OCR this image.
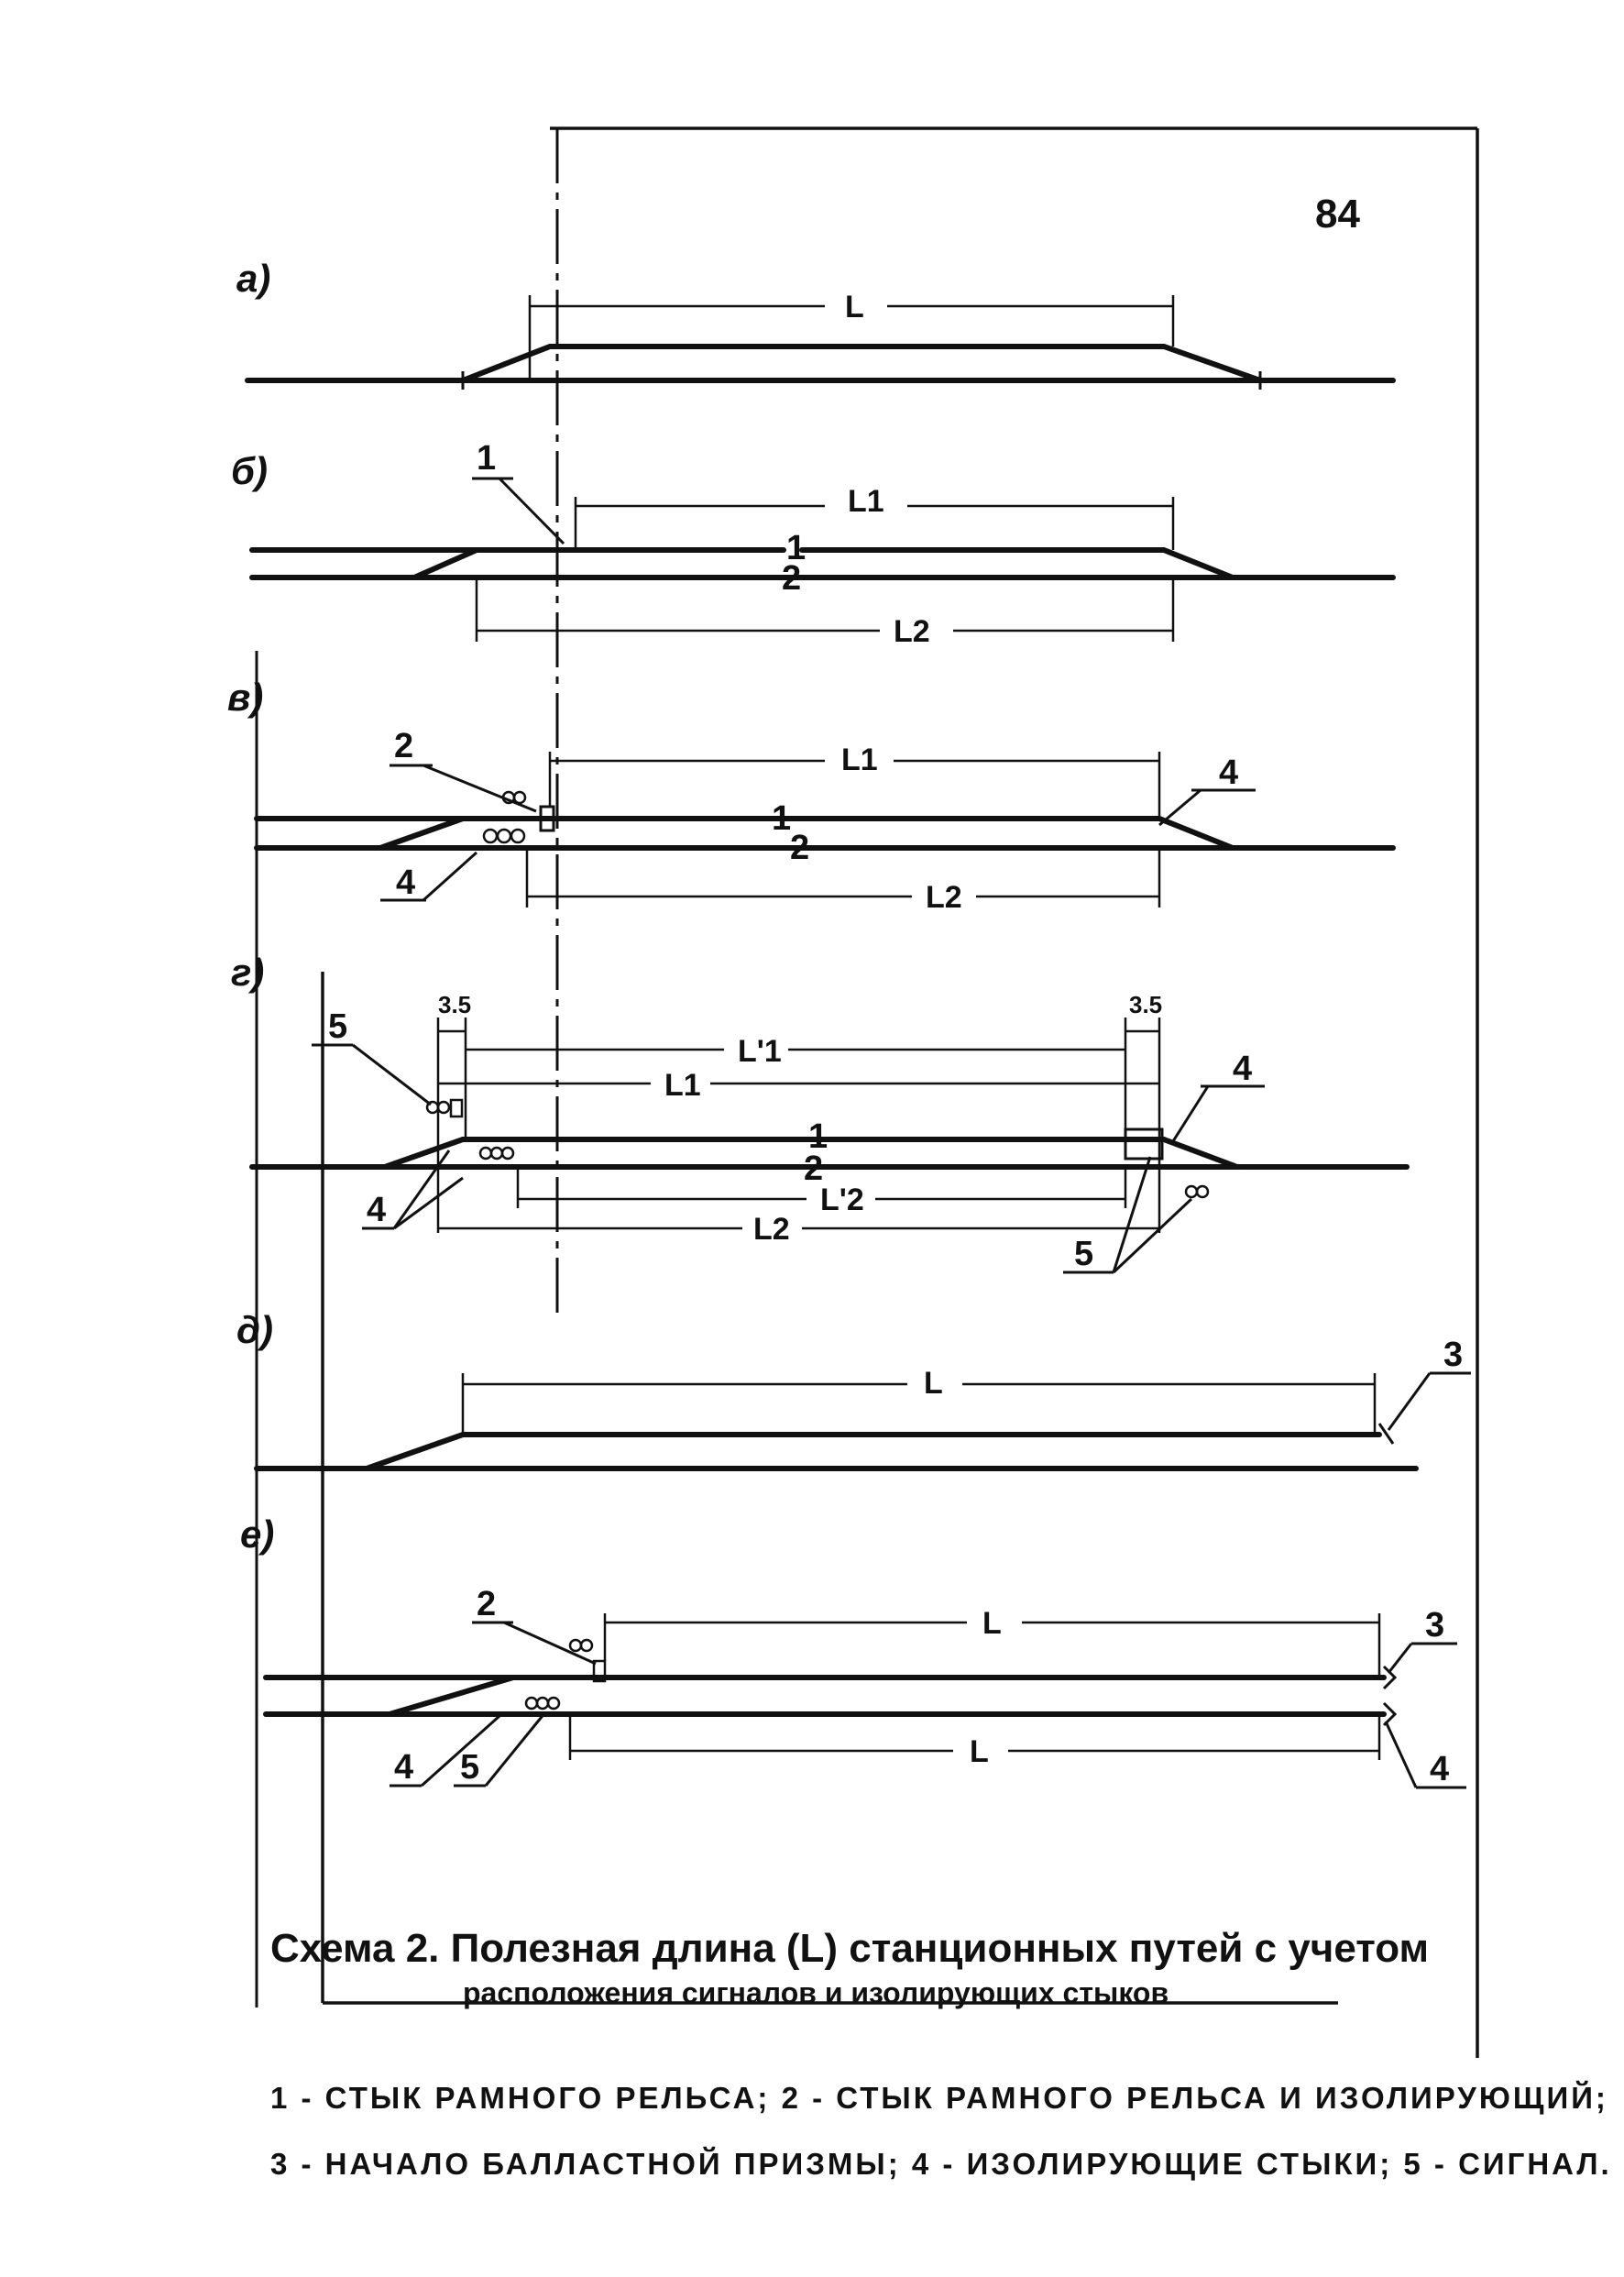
84
а)
L
б)
1
2
L1
L2
1
в)
1
2
L1
L2
2
4
4
г)
1
2
3.5	3.5
L'1
L1
L'2
L2
5
4
4
5
д)
L
3
е)
L
L
2
3
4 5	4
Схема 2. Полезная длина (L) станционных путей с учетом
расположения сигналов и изолирующих стыков
1 - СТЫК РАМНОГО РЕЛЬСА; 2 - СТЫК РАМНОГО РЕЛЬСА И ИЗОЛИРУЮЩИЙ;
3 - НАЧАЛО БАЛЛАСТНОЙ ПРИЗМЫ; 4 - ИЗОЛИРУЮЩИЕ СТЫКИ; 5 - СИГНАЛ.
